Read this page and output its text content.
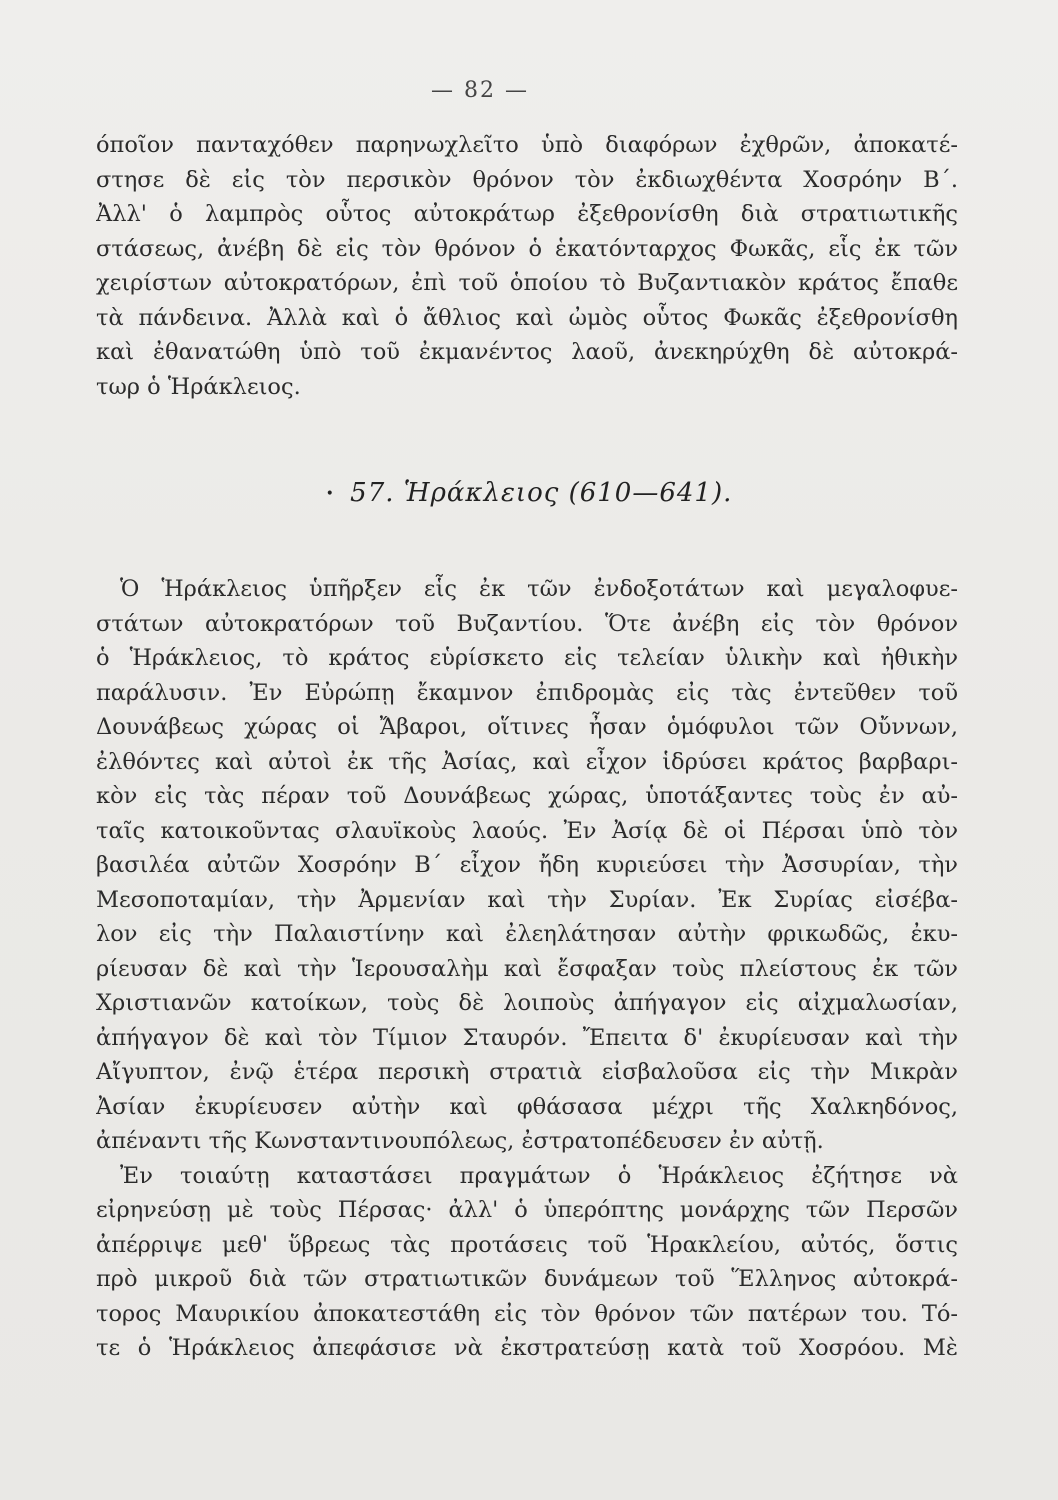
— 82 —
όποῖον πανταχόθεν παρηνωχλεῖτο ὑπὸ διαφόρων ἐχθρῶν, ἀποκατέ-
στησε δὲ εἰς τὸν περσικὸν θρόνον τὸν ἐκδιωχθέντα Χοσρόην Β΄.
Ἀλλ' ὁ λαμπρὸς οὗτος αὐτοκράτωρ ἐξεθρονίσθη διὰ στρατιωτικῆς
στάσεως, ἀνέβη δὲ εἰς τὸν θρόνον ὁ ἑκατόνταρχος Φωκᾶς, εἷς ἐκ τῶν
χειρίστων αὐτοκρατόρων, ἐπὶ τοῦ ὁποίου τὸ Βυζαντιακὸν κράτος ἔπαθε
τὰ πάνδεινα. Ἀλλὰ καὶ ὁ ἄθλιος καὶ ὠμὸς οὗτος Φωκᾶς ἐξεθρονίσθη
καὶ ἐθανατώθη ὑπὸ τοῦ ἐκμανέντος λαοῦ, ἀνεκηρύχθη δὲ αὐτοκρά-
τωρ ὁ Ἡράκλειος.
• 57. Ἡράκλειος (610—641).
Ὁ Ἡράκλειος ὑπῆρξεν εἷς ἐκ τῶν ἐνδοξοτάτων καὶ μεγαλοφυε-
στάτων αὐτοκρατόρων τοῦ Βυζαντίου. Ὅτε ἀνέβη εἰς τὸν θρόνον
ὁ Ἡράκλειος, τὸ κράτος εὑρίσκετο εἰς τελείαν ὑλικὴν καὶ ἠθικὴν
παράλυσιν. Ἐν Εὐρώπῃ ἔκαμνον ἐπιδρομὰς εἰς τὰς ἐντεῦθεν τοῦ
Δουνάβεως χώρας οἱ Ἄβαροι, οἵτινες ἦσαν ὁμόφυλοι τῶν Οὔννων,
ἐλθόντες καὶ αὐτοὶ ἐκ τῆς Ἀσίας, καὶ εἶχον ἱδρύσει κράτος βαρβαρι-
κὸν εἰς τὰς πέραν τοῦ Δουνάβεως χώρας, ὑποτάξαντες τοὺς ἐν αὐ-
ταῖς κατοικοῦντας σλαυϊκοὺς λαούς. Ἐν Ἀσίᾳ δὲ οἱ Πέρσαι ὑπὸ τὸν
βασιλέα αὐτῶν Χοσρόην Β΄ εἶχον ἤδη κυριεύσει τὴν Ἀσσυρίαν, τὴν
Μεσοποταμίαν, τὴν Ἀρμενίαν καὶ τὴν Συρίαν. Ἐκ Συρίας εἰσέβα-
λον εἰς τὴν Παλαιστίνην καὶ ἐλεηλάτησαν αὐτὴν φρικωδῶς, ἐκυ-
ρίευσαν δὲ καὶ τὴν Ἱερουσαλὴμ καὶ ἔσφαξαν τοὺς πλείστους ἐκ τῶν
Χριστιανῶν κατοίκων, τοὺς δὲ λοιποὺς ἀπήγαγον εἰς αἰχμαλωσίαν,
ἀπήγαγον δὲ καὶ τὸν Τίμιον Σταυρόν. Ἔπειτα δ' ἐκυρίευσαν καὶ τὴν
Αἴγυπτον, ἐνῷ ἑτέρα περσικὴ στρατιὰ εἰσβαλοῦσα εἰς τὴν Μικρὰν
Ἀσίαν ἐκυρίευσεν αὐτὴν καὶ φθάσασα μέχρι τῆς Χαλκηδόνος,
ἀπέναντι τῆς Κωνσταντινουπόλεως, ἐστρατοπέδευσεν ἐν αὐτῇ.
Ἐν τοιαύτῃ καταστάσει πραγμάτων ὁ Ἡράκλειος ἐζήτησε νὰ
εἰρηνεύσῃ μὲ τοὺς Πέρσας· ἀλλ' ὁ ὑπερόπτης μονάρχης τῶν Περσῶν
ἀπέρριψε μεθ' ὕβρεως τὰς προτάσεις τοῦ Ἡρακλείου, αὐτός, ὅστις
πρὸ μικροῦ διὰ τῶν στρατιωτικῶν δυνάμεων τοῦ Ἕλληνος αὐτοκρά-
τορος Μαυρικίου ἀποκατεστάθη εἰς τὸν θρόνον τῶν πατέρων του. Τό-
τε ὁ Ἡράκλειος ἀπεφάσισε νὰ ἐκστρατεύσῃ κατὰ τοῦ Χοσρόου. Μὲ
